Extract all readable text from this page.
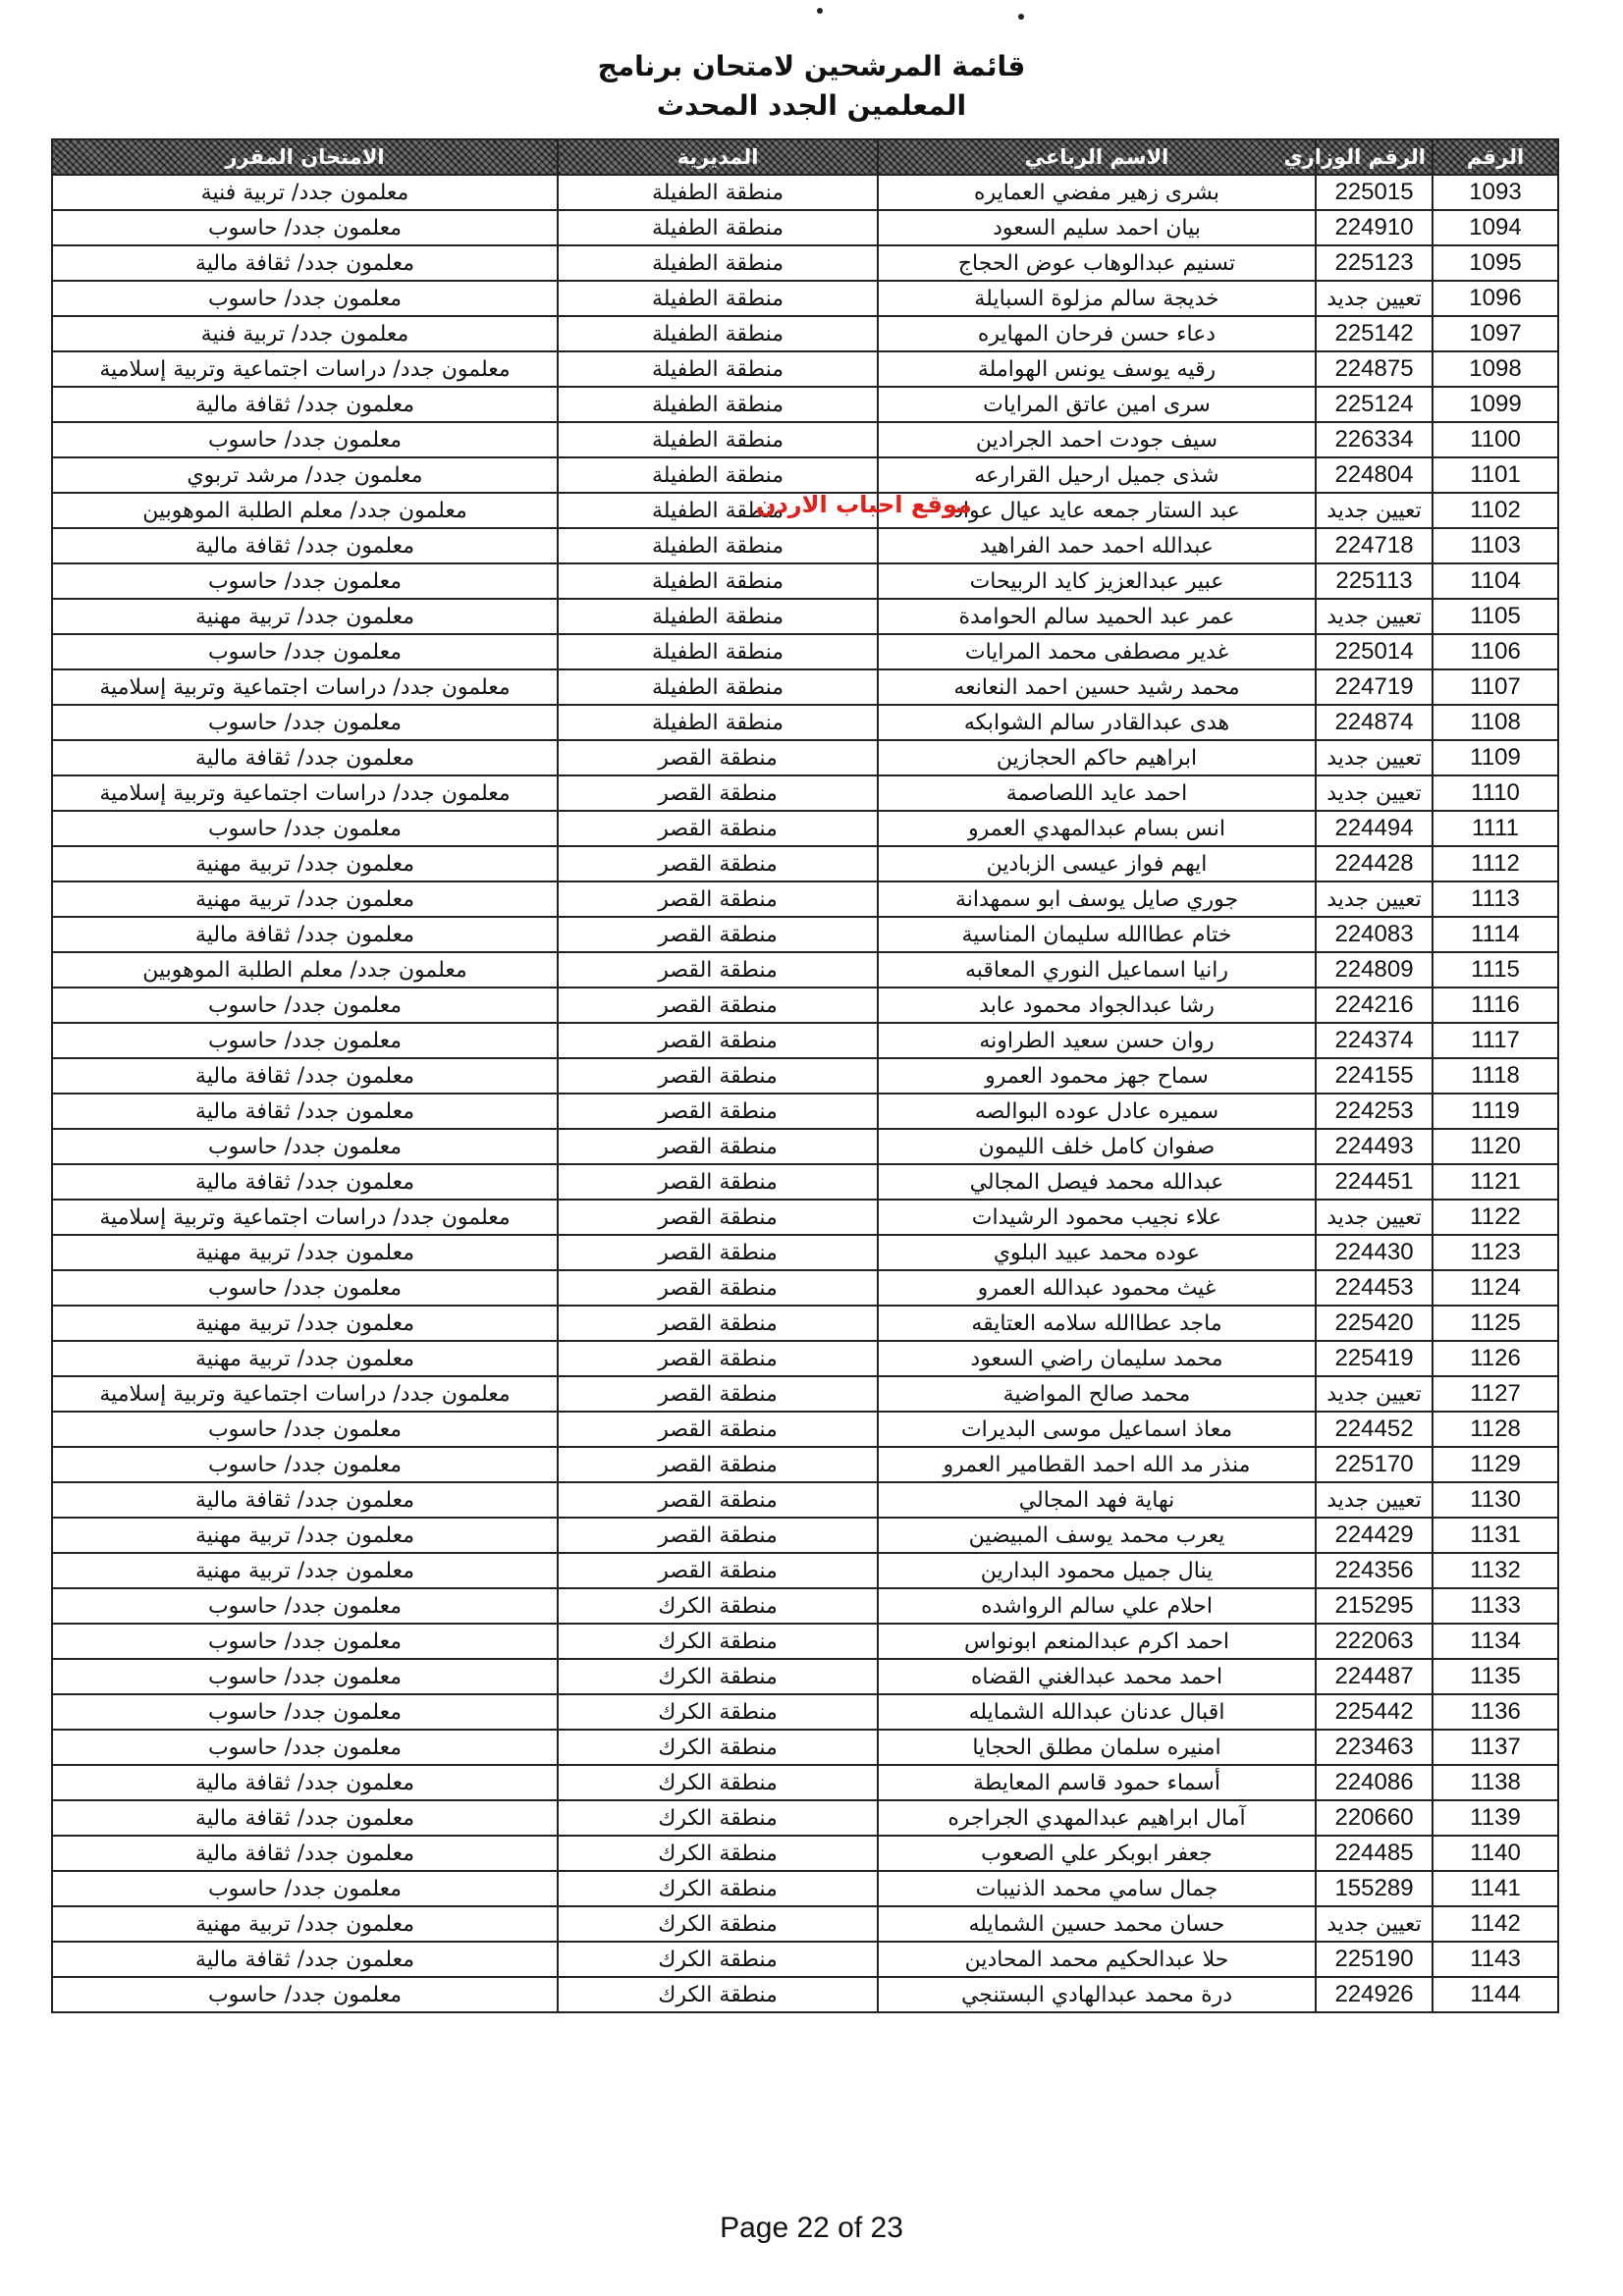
قائمة المرشحين لامتحان برنامج
المعلمين الجدد المحدث
الرقم	الرقم الوزاري	الاسم الرباعي	المديرية	الامتحان المقرر
1093	225015	بشرى زهير مفضي العمايره	منطقة الطفيلة	معلمون جدد/ تربية فنية
1094	224910	بيان احمد سليم السعود	منطقة الطفيلة	معلمون جدد/ حاسوب
1095	225123	تسنيم عبدالوهاب عوض الحجاج	منطقة الطفيلة	معلمون جدد/ ثقافة مالية
1096	تعيين جديد	خديجة سالم مزلوة السبايلة	منطقة الطفيلة	معلمون جدد/ حاسوب
1097	225142	دعاء حسن فرحان المهايره	منطقة الطفيلة	معلمون جدد/ تربية فنية
1098	224875	رقيه يوسف يونس الهواملة	منطقة الطفيلة	معلمون جدد/ دراسات اجتماعية وتربية إسلامية
1099	225124	سرى امين عاتق المرايات	منطقة الطفيلة	معلمون جدد/ ثقافة مالية
1100	226334	سيف جودت احمد الجرادين	منطقة الطفيلة	معلمون جدد/ حاسوب
1101	224804	شذى جميل ارحيل القرارعه	منطقة الطفيلة	معلمون جدد/ مرشد تربوي
1102	تعيين جديد	عبد الستار جمعه عايد عيال عواد	منطقة الطفيلة	معلمون جدد/ معلم الطلبة الموهوبين
1103	224718	عبدالله احمد حمد الفراهيد	منطقة الطفيلة	معلمون جدد/ ثقافة مالية
1104	225113	عبير عبدالعزيز كايد الربيحات	منطقة الطفيلة	معلمون جدد/ حاسوب
1105	تعيين جديد	عمر عبد الحميد سالم الحوامدة	منطقة الطفيلة	معلمون جدد/ تربية مهنية
1106	225014	غدير مصطفى محمد المرايات	منطقة الطفيلة	معلمون جدد/ حاسوب
1107	224719	محمد رشيد حسين احمد النعانعه	منطقة الطفيلة	معلمون جدد/ دراسات اجتماعية وتربية إسلامية
1108	224874	هدى عبدالقادر سالم الشوابكه	منطقة الطفيلة	معلمون جدد/ حاسوب
1109	تعيين جديد	ابراهيم حاكم الحجازين	منطقة القصر	معلمون جدد/ ثقافة مالية
1110	تعيين جديد	احمد عايد اللصاصمة	منطقة القصر	معلمون جدد/ دراسات اجتماعية وتربية إسلامية
1111	224494	انس بسام عبدالمهدي العمرو	منطقة القصر	معلمون جدد/ حاسوب
1112	224428	ايهم فواز عيسى الزبادين	منطقة القصر	معلمون جدد/ تربية مهنية
1113	تعيين جديد	جوري صايل يوسف ابو سمهدانة	منطقة القصر	معلمون جدد/ تربية مهنية
1114	224083	ختام عطاالله سليمان المناسية	منطقة القصر	معلمون جدد/ ثقافة مالية
1115	224809	رانيا اسماعيل النوري المعاقبه	منطقة القصر	معلمون جدد/ معلم الطلبة الموهوبين
1116	224216	رشا عبدالجواد محمود عابد	منطقة القصر	معلمون جدد/ حاسوب
1117	224374	روان حسن سعيد الطراونه	منطقة القصر	معلمون جدد/ حاسوب
1118	224155	سماح جهز محمود العمرو	منطقة القصر	معلمون جدد/ ثقافة مالية
1119	224253	سميره عادل عوده البوالصه	منطقة القصر	معلمون جدد/ ثقافة مالية
1120	224493	صفوان كامل خلف الليمون	منطقة القصر	معلمون جدد/ حاسوب
1121	224451	عبدالله محمد فيصل المجالي	منطقة القصر	معلمون جدد/ ثقافة مالية
1122	تعيين جديد	علاء نجيب محمود الرشيدات	منطقة القصر	معلمون جدد/ دراسات اجتماعية وتربية إسلامية
1123	224430	عوده محمد عبيد البلوي	منطقة القصر	معلمون جدد/ تربية مهنية
1124	224453	غيث محمود عبدالله العمرو	منطقة القصر	معلمون جدد/ حاسوب
1125	225420	ماجد عطاالله سلامه العتايقه	منطقة القصر	معلمون جدد/ تربية مهنية
1126	225419	محمد سليمان راضي السعود	منطقة القصر	معلمون جدد/ تربية مهنية
1127	تعيين جديد	محمد صالح المواضية	منطقة القصر	معلمون جدد/ دراسات اجتماعية وتربية إسلامية
1128	224452	معاذ اسماعيل موسى البديرات	منطقة القصر	معلمون جدد/ حاسوب
1129	225170	منذر مد الله احمد القطامير العمرو	منطقة القصر	معلمون جدد/ حاسوب
1130	تعيين جديد	نهاية فهد المجالي	منطقة القصر	معلمون جدد/ ثقافة مالية
1131	224429	يعرب محمد يوسف المبيضين	منطقة القصر	معلمون جدد/ تربية مهنية
1132	224356	ينال جميل محمود البدارين	منطقة القصر	معلمون جدد/ تربية مهنية
1133	215295	احلام علي سالم الرواشده	منطقة الكرك	معلمون جدد/ حاسوب
1134	222063	احمد اكرم عبدالمنعم ابونواس	منطقة الكرك	معلمون جدد/ حاسوب
1135	224487	احمد محمد عبدالغني القضاه	منطقة الكرك	معلمون جدد/ حاسوب
1136	225442	اقبال عدنان عبدالله الشمايله	منطقة الكرك	معلمون جدد/ حاسوب
1137	223463	امنيره سلمان مطلق الحجايا	منطقة الكرك	معلمون جدد/ حاسوب
1138	224086	أسماء حمود قاسم المعايطة	منطقة الكرك	معلمون جدد/ ثقافة مالية
1139	220660	آمال ابراهيم عبدالمهدي الجراجره	منطقة الكرك	معلمون جدد/ ثقافة مالية
1140	224485	جعفر ابوبكر علي الصعوب	منطقة الكرك	معلمون جدد/ ثقافة مالية
1141	155289	جمال سامي محمد الذنيبات	منطقة الكرك	معلمون جدد/ حاسوب
1142	تعيين جديد	حسان محمد حسين الشمايله	منطقة الكرك	معلمون جدد/ تربية مهنية
1143	225190	حلا عبدالحكيم محمد المحادين	منطقة الكرك	معلمون جدد/ ثقافة مالية
1144	224926	درة محمد عبدالهادي البستنجي	منطقة الكرك	معلمون جدد/ حاسوب
موقع احباب الاردن
Page 22 of 23
